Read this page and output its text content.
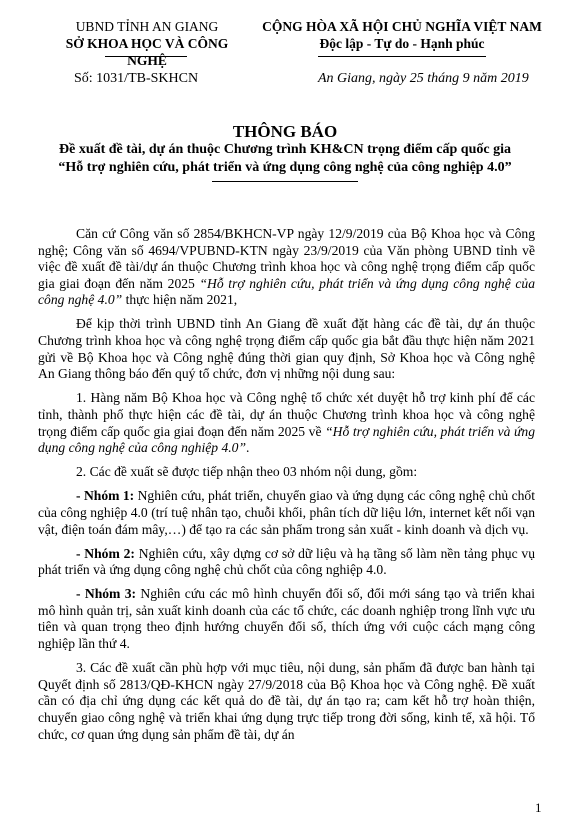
UBND TỈNH AN GIANG
SỞ KHOA HỌC VÀ CÔNG NGHỆ
CỘNG HÒA XÃ HỘI CHỦ NGHĨA VIỆT NAM
Độc lập - Tự do - Hạnh phúc
Số: 1031/TB-SKHCN	An Giang, ngày 25 tháng 9 năm 2019
THÔNG BÁO
Đề xuất đề tài, dự án thuộc Chương trình KH&CN trọng điểm cấp quốc gia
“Hỗ trợ nghiên cứu, phát triển và ứng dụng công nghệ của công nghiệp 4.0”

Căn cứ Công văn số 2854/BKHCN-VP ngày 12/9/2019 của Bộ Khoa học và Công nghệ; Công văn số 4694/VPUBND-KTN ngày 23/9/2019 của Văn phòng UBND tỉnh về việc đề xuất đề tài/dự án thuộc Chương trình khoa học và công nghệ trọng điểm cấp quốc gia giai đoạn đến năm 2025 “Hỗ trợ nghiên cứu, phát triển và ứng dụng công nghệ của công nghệ 4.0” thực hiện năm 2021,

Để kịp thời trình UBND tỉnh An Giang đề xuất đặt hàng các đề tài, dự án thuộc Chương trình khoa học và công nghệ trọng điểm cấp quốc gia bắt đầu thực hiện năm 2021 gửi về Bộ Khoa học và Công nghệ đúng thời gian quy định, Sở Khoa học và Công nghệ An Giang thông báo đến quý tổ chức, đơn vị những nội dung sau:

1. Hàng năm Bộ Khoa học và Công nghệ tổ chức xét duyệt hỗ trợ kinh phí để các tỉnh, thành phố thực hiện các đề tài, dự án thuộc Chương trình khoa học và công nghệ trọng điểm cấp quốc gia giai đoạn đến năm 2025 về “Hỗ trợ nghiên cứu, phát triển và ứng dụng công nghệ của công nghiệp 4.0”.

2. Các đề xuất sẽ được tiếp nhận theo 03 nhóm nội dung, gồm:

- Nhóm 1: Nghiên cứu, phát triển, chuyển giao và ứng dụng các công nghệ chủ chốt của công nghiệp 4.0 (trí tuệ nhân tạo, chuỗi khối, phân tích dữ liệu lớn, internet kết nối vạn vật, điện toán đám mây,…) để tạo ra các sản phẩm trong sản xuất - kinh doanh và dịch vụ.

- Nhóm 2: Nghiên cứu, xây dựng cơ sở dữ liệu và hạ tầng số làm nền tảng phục vụ phát triển và ứng dụng công nghệ chủ chốt của công nghiệp 4.0.

- Nhóm 3: Nghiên cứu các mô hình chuyển đổi số, đổi mới sáng tạo và triển khai mô hình quản trị, sản xuất kinh doanh của các tổ chức, các doanh nghiệp trong lĩnh vực ưu tiên và quan trọng theo định hướng chuyển đổi số, thích ứng với cuộc cách mạng công nghiệp lần thứ 4.

3. Các đề xuất cần phù hợp với mục tiêu, nội dung, sản phẩm đã được ban hành tại Quyết định số 2813/QĐ-KHCN ngày 27/9/2018 của Bộ Khoa học và Công nghệ. Đề xuất cần có địa chỉ ứng dụng các kết quả do đề tài, dự án tạo ra; cam kết hỗ trợ hoàn thiện, chuyển giao công nghệ và triển khai ứng dụng trực tiếp trong đời sống, kinh tế, xã hội. Tổ chức, cơ quan ứng dụng sản phẩm đề tài, dự án

1
